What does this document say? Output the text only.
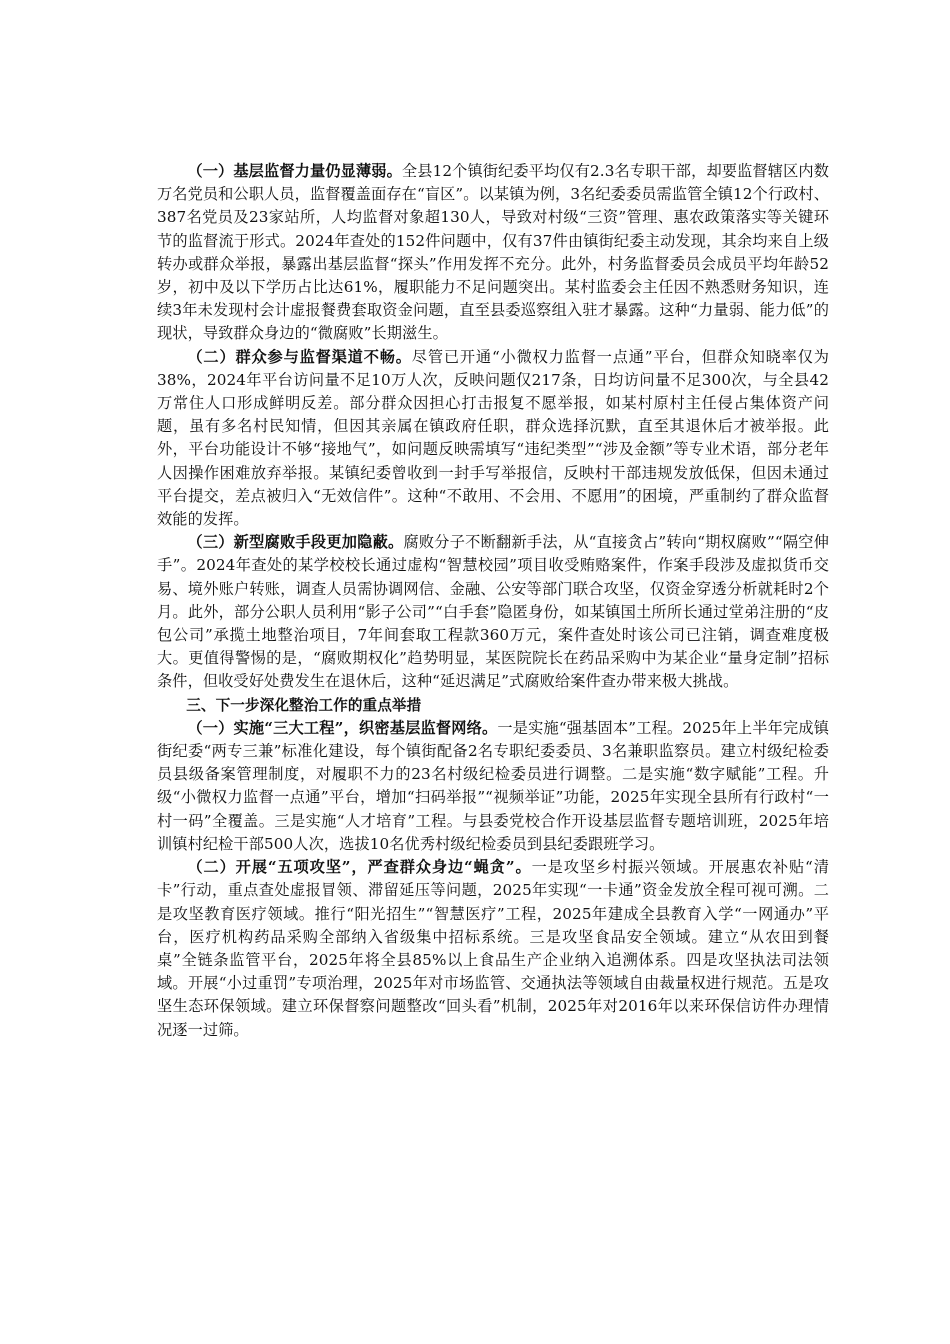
（一）基层监督力量仍显薄弱。全县12个镇街纪委平均仅有2.3名专职干部，却要监督辖区内数万名党员和公职人员，监督覆盖面存在“盲区”。以某镇为例，3名纪委委员需监管全镇12个行政村、387名党员及23家站所，人均监督对象超130人，导致对村级“三资”管理、惠农政策落实等关键环节的监督流于形式。2024年查处的152件问题中，仅有37件由镇街纪委主动发现，其余均来自上级转办或群众举报，暴露出基层监督“探头”作用发挥不充分。此外，村务监督委员会成员平均年龄52岁，初中及以下学历占比达61%，履职能力不足问题突出。某村监委会主任因不熟悉财务知识，连续3年未发现村会计虚报餐费套取资金问题，直至县委巡察组入驻才暴露。这种“力量弱、能力低”的现状，导致群众身边的“微腐败”长期滋生。

（二）群众参与监督渠道不畅。尽管已开通“小微权力监督一点通”平台，但群众知晓率仅为38%，2024年平台访问量不足10万人次，反映问题仅217条，日均访问量不足300次，与全县42万常住人口形成鲜明反差。部分群众因担心打击报复不愿举报，如某村原村主任侵占集体资产问题，虽有多名村民知情，但因其亲属在镇政府任职，群众选择沉默，直至其退休后才被举报。此外，平台功能设计不够“接地气”，如问题反映需填写“违纪类型”“涉及金额”等专业术语，部分老年人因操作困难放弃举报。某镇纪委曾收到一封手写举报信，反映村干部违规发放低保，但因未通过平台提交，差点被归入“无效信件”。这种“不敢用、不会用、不愿用”的困境，严重制约了群众监督效能的发挥。

（三）新型腐败手段更加隐蔽。腐败分子不断翻新手法，从“直接贪占”转向“期权腐败”“隔空伸手”。2024年查处的某学校校长通过虚构“智慧校园”项目收受贿赂案件，作案手段涉及虚拟货币交易、境外账户转账，调查人员需协调网信、金融、公安等部门联合攻坚，仅资金穿透分析就耗时2个月。此外，部分公职人员利用“影子公司”“白手套”隐匿身份，如某镇国土所所长通过堂弟注册的“皮包公司”承揽土地整治项目，7年间套取工程款360万元，案件查处时该公司已注销，调查难度极大。更值得警惕的是，“腐败期权化”趋势明显，某医院院长在药品采购中为某企业“量身定制”招标条件，但收受好处费发生在退休后，这种“延迟满足”式腐败给案件查办带来极大挑战。

三、下一步深化整治工作的重点举措

（一）实施“三大工程”，织密基层监督网络。一是实施“强基固本”工程。2025年上半年完成镇街纪委“两专三兼”标准化建设，每个镇街配备2名专职纪委委员、3名兼职监察员。建立村级纪检委员县级备案管理制度，对履职不力的23名村级纪检委员进行调整。二是实施“数字赋能”工程。升级“小微权力监督一点通”平台，增加“扫码举报”“视频举证”功能，2025年实现全县所有行政村“一村一码”全覆盖。三是实施“人才培育”工程。与县委党校合作开设基层监督专题培训班，2025年培训镇村纪检干部500人次，选拔10名优秀村级纪检委员到县纪委跟班学习。

（二）开展“五项攻坚”，严查群众身边“蝇贪”。一是攻坚乡村振兴领域。开展惠农补贴“清卡”行动，重点查处虚报冒领、滞留延压等问题，2025年实现“一卡通”资金发放全程可视可溯。二是攻坚教育医疗领域。推行“阳光招生”“智慧医疗”工程，2025年建成全县教育入学“一网通办”平台，医疗机构药品采购全部纳入省级集中招标系统。三是攻坚食品安全领域。建立“从农田到餐桌”全链条监管平台，2025年将全县85%以上食品生产企业纳入追溯体系。四是攻坚执法司法领域。开展“小过重罚”专项治理，2025年对市场监管、交通执法等领域自由裁量权进行规范。五是攻坚生态环保领域。建立环保督察问题整改“回头看”机制，2025年对2016年以来环保信访件办理情况逐一过筛。
